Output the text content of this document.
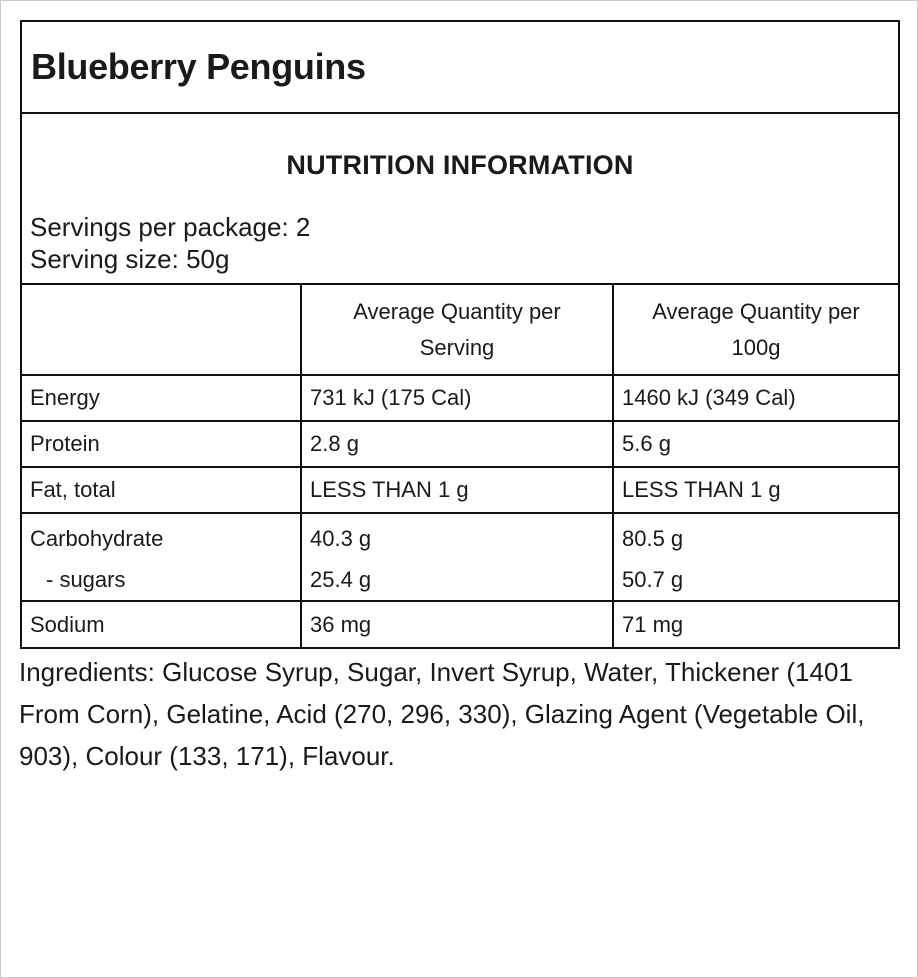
Blueberry Penguins
NUTRITION INFORMATION
Servings per package: 2
Serving size: 50g
	Average Quantity per Serving	Average Quantity per 100g
Energy	731 kJ (175 Cal)	1460 kJ (349 Cal)
Protein	2.8 g	5.6 g
Fat, total	LESS THAN 1 g	LESS THAN 1 g
Carbohydrate	40.3 g	80.5 g
- sugars	25.4 g	50.7 g
Sodium	36 mg	71 mg
Ingredients: Glucose Syrup, Sugar, Invert Syrup, Water, Thickener (1401 From Corn), Gelatine, Acid (270, 296, 330), Glazing Agent (Vegetable Oil, 903), Colour (133, 171), Flavour.
